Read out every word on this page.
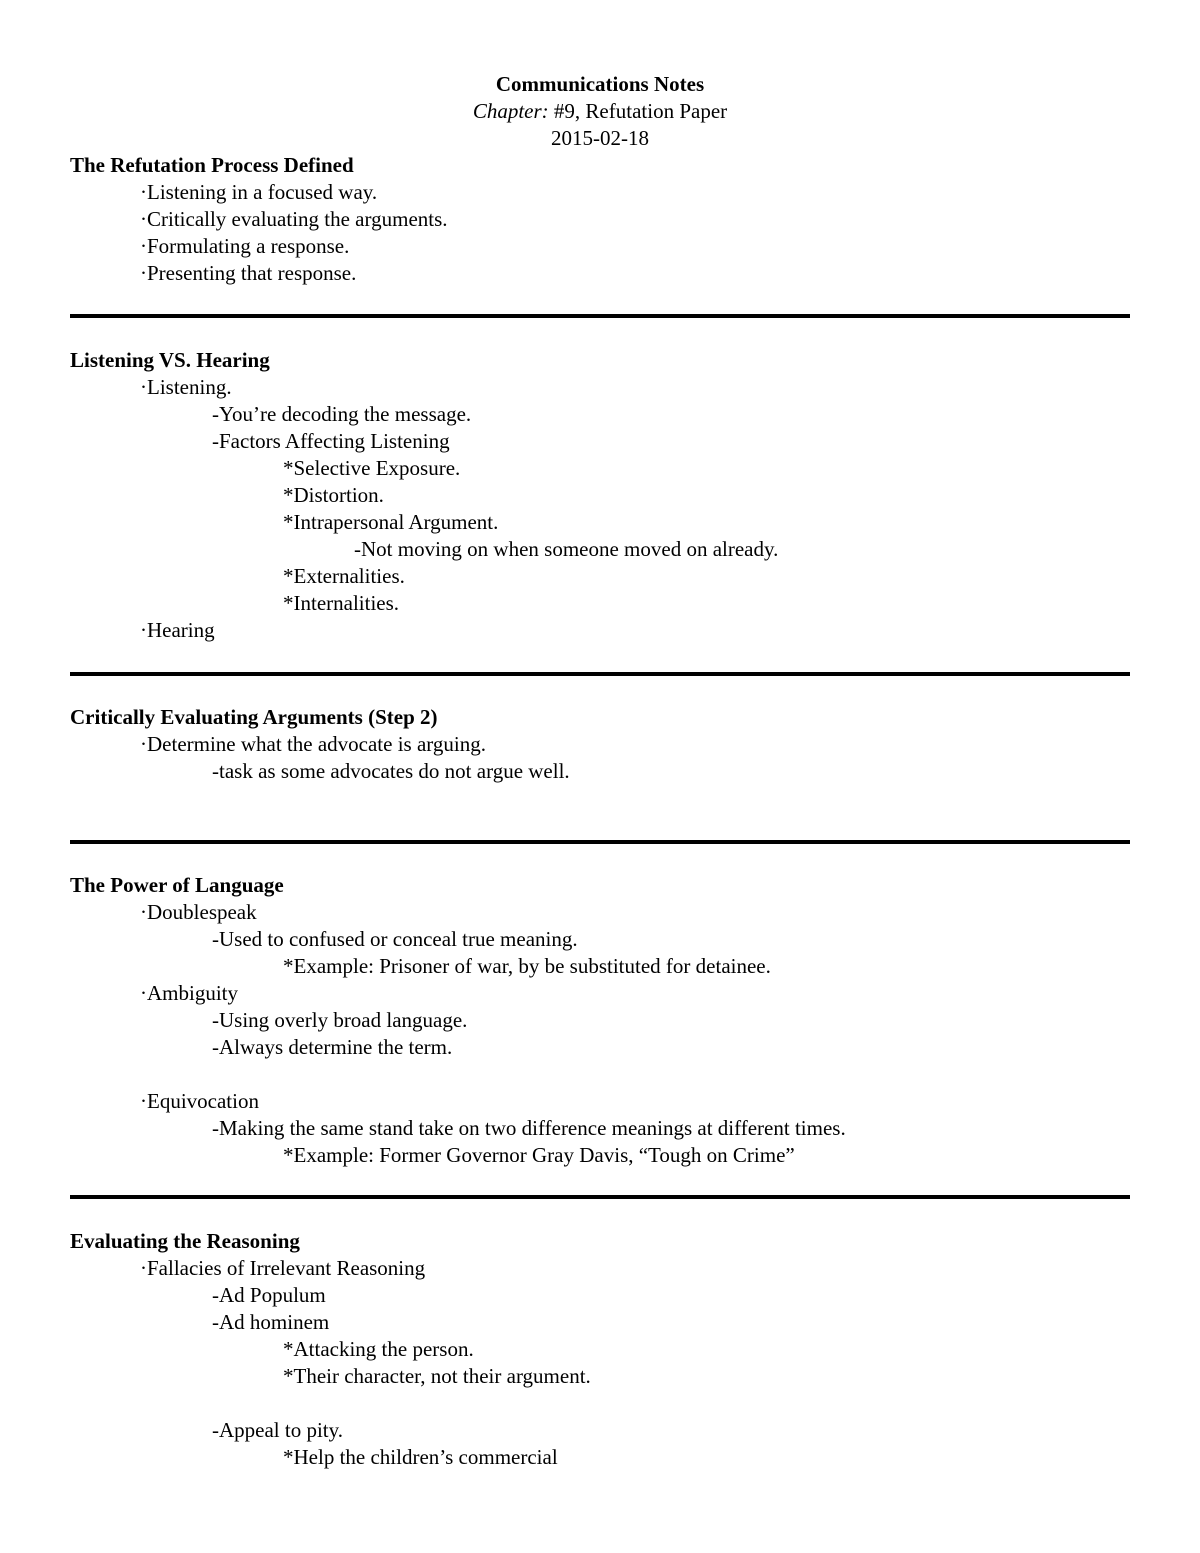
Communications Notes
Chapter: #9, Refutation Paper
2015-02-18
The Refutation Process Defined
·Listening in a focused way.
·Critically evaluating the arguments.
·Formulating a response.
·Presenting that response.
Listening VS. Hearing
·Listening.
-You’re decoding the message.
-Factors Affecting Listening
*Selective Exposure.
*Distortion.
*Intrapersonal Argument.
-Not moving on when someone moved on already.
*Externalities.
*Internalities.
·Hearing
Critically Evaluating Arguments (Step 2)
·Determine what the advocate is arguing.
-task as some advocates do not argue well.
The Power of Language
·Doublespeak
-Used to confused or conceal true meaning.
*Example: Prisoner of war, by be substituted for detainee.
·Ambiguity
-Using overly broad language.
-Always determine the term.
·Equivocation
-Making the same stand take on two difference meanings at different times.
*Example: Former Governor Gray Davis, “Tough on Crime”
Evaluating the Reasoning
·Fallacies of Irrelevant Reasoning
-Ad Populum
-Ad hominem
*Attacking the person.
*Their character, not their argument.
-Appeal to pity.
*Help the children’s commercial
